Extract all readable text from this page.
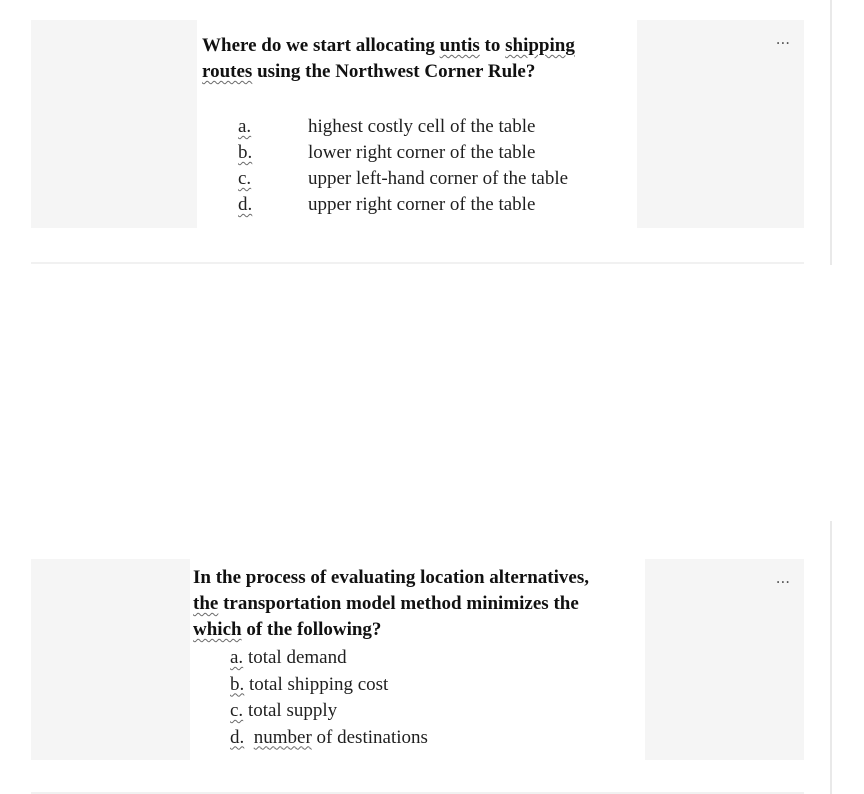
...

Where do we start allocating untis to shipping
routes using the Northwest Corner Rule?

a.	highest costly cell of the table
b.	lower right corner of the table
c.	upper left-hand corner of the table
d.	upper right corner of the table
...

In the process of evaluating location alternatives,
the transportation model method minimizes the
which of the following?

a. total demand
b. total shipping cost
c. total supply
d. number of destinations
